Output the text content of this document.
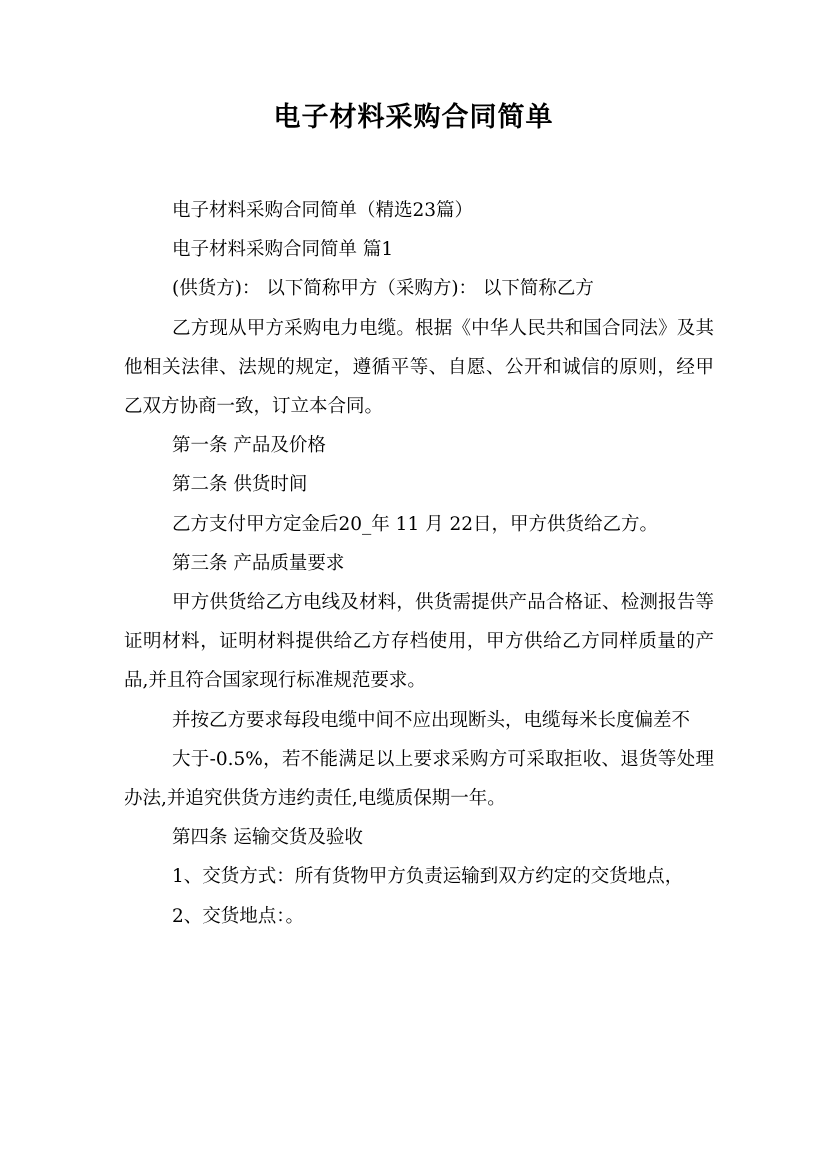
电子材料采购合同简单

电子材料采购合同简单（精选23篇）

电子材料采购合同简单 篇1

(供货方)： 以下简称甲方（采购方)： 以下简称乙方

乙方现从甲方采购电力电缆。根据《中华人民共和国合同法》及其他相关法律、法规的规定，遵循平等、自愿、公开和诚信的原则，经甲乙双方协商一致，订立本合同。

第一条 产品及价格

第二条 供货时间

乙方支付甲方定金后20_年 11 月 22日，甲方供货给乙方。

第三条 产品质量要求

甲方供货给乙方电线及材料，供货需提供产品合格证、检测报告等证明材料，证明材料提供给乙方存档使用，甲方供给乙方同样质量的产品,并且符合国家现行标准规范要求。

并按乙方要求每段电缆中间不应出现断头，电缆每米长度偏差不

大于-0.5%，若不能满足以上要求采购方可采取拒收、退货等处理办法,并追究供货方违约责任,电缆质保期一年。

第四条 运输交货及验收

1、交货方式：所有货物甲方负责运输到双方约定的交货地点，

2、交货地点：。
